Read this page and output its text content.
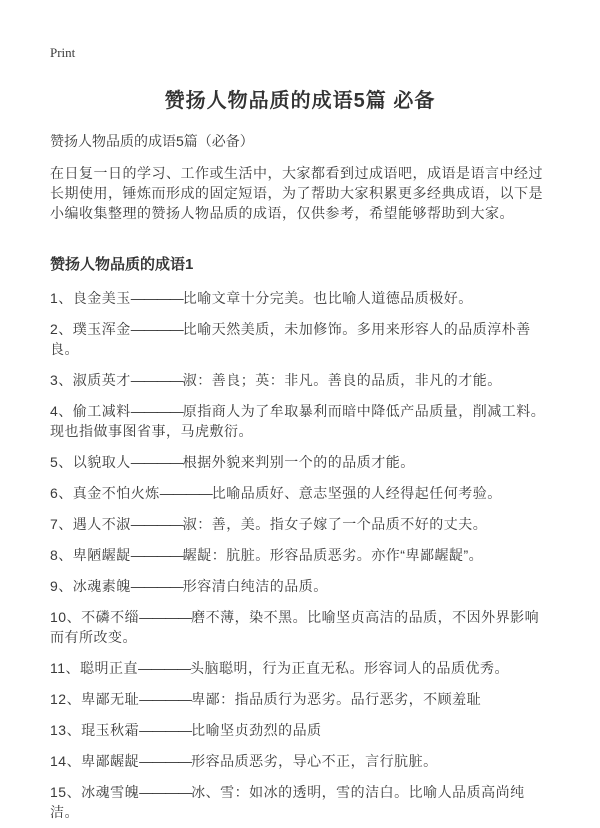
Print
赞扬人物品质的成语5篇 必备

赞扬人物品质的成语5篇（必备）

在日复一日的学习、工作或生活中，大家都看到过成语吧，成语是语言中经过长期使用，锤炼而形成的固定短语，为了帮助大家积累更多经典成语，以下是小编收集整理的赞扬人物品质的成语，仅供参考，希望能够帮助到大家。

赞扬人物品质的成语1

1、良金美玉————比喻文章十分完美。也比喻人道德品质极好。

2、璞玉浑金————比喻天然美质，未加修饰。多用来形容人的品质淳朴善良。

3、淑质英才————淑：善良；英：非凡。善良的品质，非凡的才能。

4、偷工减料————原指商人为了牟取暴利而暗中降低产品质量，削减工料。现也指做事图省事，马虎敷衍。

5、以貌取人————根据外貌来判别一个的的品质才能。

6、真金不怕火炼————比喻品质好、意志坚强的人经得起任何考验。

7、遇人不淑————淑：善，美。指女子嫁了一个品质不好的丈夫。

8、卑陋龌龊————龌龊：肮脏。形容品质恶劣。亦作“卑鄙龌龊”。

9、冰魂素魄————形容清白纯洁的品质。

10、不磷不缁————磨不薄，染不黑。比喻坚贞高洁的品质，不因外界影响而有所改变。

11、聪明正直————头脑聪明，行为正直无私。形容词人的品质优秀。

12、卑鄙无耻————卑鄙：指品质行为恶劣。品行恶劣，不顾羞耻

13、琨玉秋霜————比喻坚贞劲烈的品质

14、卑鄙龌龊————形容品质恶劣，导心不正，言行肮脏。

15、冰魂雪魄————冰、雪：如冰的透明，雪的洁白。比喻人品质高尚纯洁。
